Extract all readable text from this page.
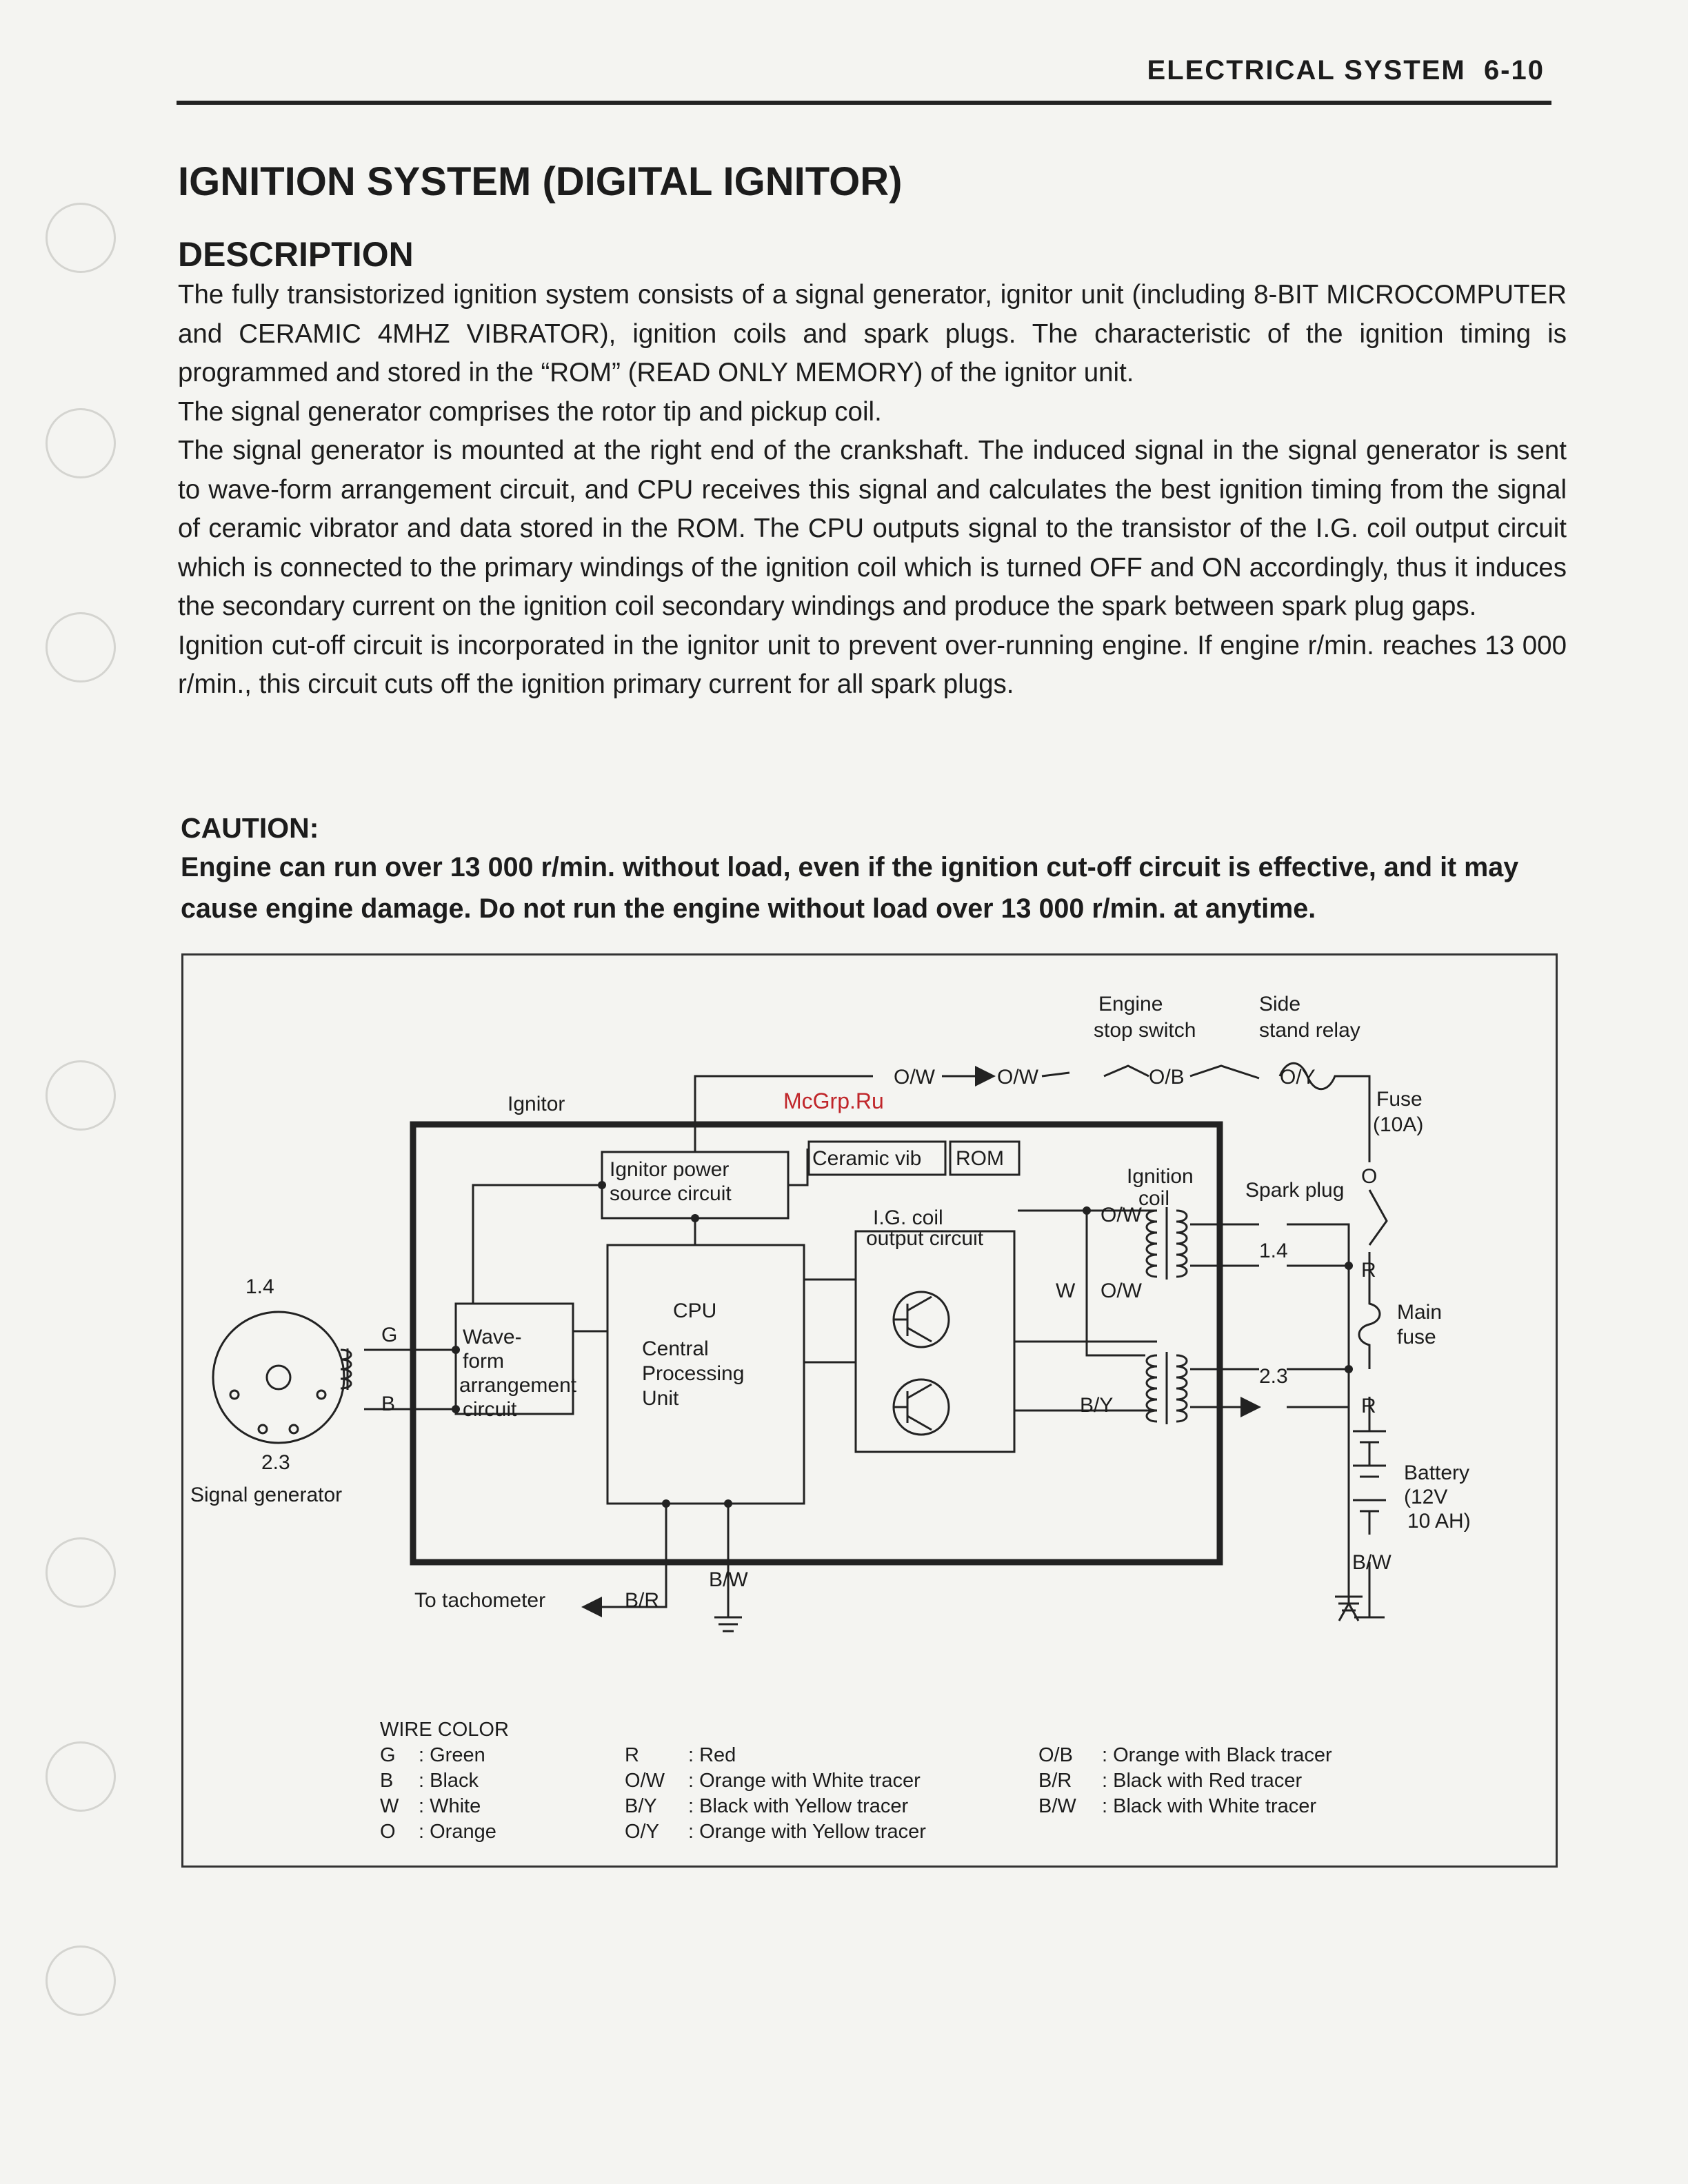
ELECTRICAL SYSTEM 6-10
IGNITION SYSTEM (DIGITAL IGNITOR)
DESCRIPTION

The fully transistorized ignition system consists of a signal generator, ignitor unit (including 8-BIT MICROCOMPUTER and CERAMIC 4MHZ VIBRATOR), ignition coils and spark plugs. The characteristic of the ignition timing is programmed and stored in the “ROM” (READ ONLY MEMORY) of the ignitor unit.

The signal generator comprises the rotor tip and pickup coil.

The signal generator is mounted at the right end of the crankshaft. The induced signal in the signal generator is sent to wave-form arrangement circuit, and CPU receives this signal and calculates the best ignition timing from the signal of ceramic vibrator and data stored in the ROM. The CPU outputs signal to the transistor of the I.G. coil output circuit which is connected to the primary windings of the ignition coil which is turned OFF and ON accordingly, thus it induces the secondary current on the ignition coil secondary windings and produce the spark between spark plug gaps.

Ignition cut-off circuit is incorporated in the ignitor unit to prevent over-running engine. If engine r/min. reaches 13 000 r/min., this circuit cuts off the ignition primary current for all spark plugs.

CAUTION:
Engine can run over 13 000 r/min. without load, even if the ignition cut-off circuit is effective, and it may cause engine damage. Do not run the engine without load over 13 000 r/min. at anytime.
McGrp.Ru
Ignitor
Ignitor power
source circuit
Ceramic vib ROM
I.G. coil
output circuit
CPU
Central
Processing
Unit
Wave-
form
arrangement
circuit
1.4
2.3
Signal generator
G
B
Engine
stop switch
Side
stand relay
O/W	O/W	O/B	O/Y
Fuse
(10A)
O
Ignition
coil	Spark plug
1.4
2.3
O/W
W O/W
B/Y
R
Main
fuse
R
Battery
(12V
10 AH)
B/W
To tachometer	B/R
B/W
WIRE COLOR
G : Green
B : Black
W : White
O : Orange
R : Red
O/W : Orange with White tracer
B/Y : Black with Yellow tracer
O/Y : Orange with Yellow tracer
O/B : Orange with Black tracer
B/R : Black with Red tracer
B/W : Black with White tracer
